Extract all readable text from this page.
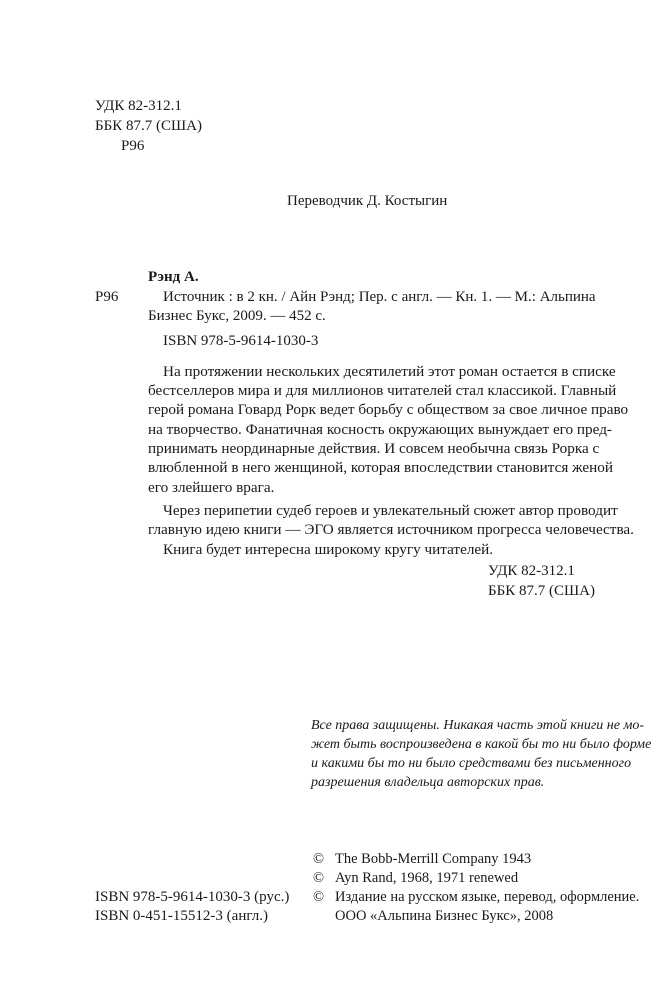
УДК 82-312.1
ББК 87.7 (США)
Р96
Переводчик Д. Костыгин
Рэнд А.
Р96	Источник : в 2 кн. / Айн Рэнд; Пер. с англ. — Кн. 1. — М.: Альпина
Бизнес Букс, 2009. — 452 с.
ISBN 978-5-9614-1030-3
На протяжении нескольких десятилетий этот роман остается в списке
бестселлеров мира и для миллионов читателей стал классикой. Главный
герой романа Говард Рорк ведет борьбу с обществом за свое личное право
на творчество. Фанатичная косность окружающих вынуждает его пред-
принимать неординарные действия. И совсем необычна связь Рорка с
влюбленной в него женщиной, которая впоследствии становится женой
его злейшего врага.
Через перипетии судеб героев и увлекательный сюжет автор проводит
главную идею книги — ЭГО является источником прогресса человечества.
Книга будет интересна широкому кругу читателей.
УДК 82-312.1
ББК 87.7 (США)
Все права защищены. Никакая часть этой книги не мо-
жет быть воспроизведена в какой бы то ни было форме
и какими бы то ни было средствами без письменного
разрешения владельца авторских прав.
© The Bobb-Merrill Company 1943
© Ayn Rand, 1968, 1971 renewed
© Издание на русском языке, перевод, оформление.
ООО «Альпина Бизнес Букс», 2008
ISBN 978-5-9614-1030-3 (рус.)
ISBN 0-451-15512-3 (англ.)
